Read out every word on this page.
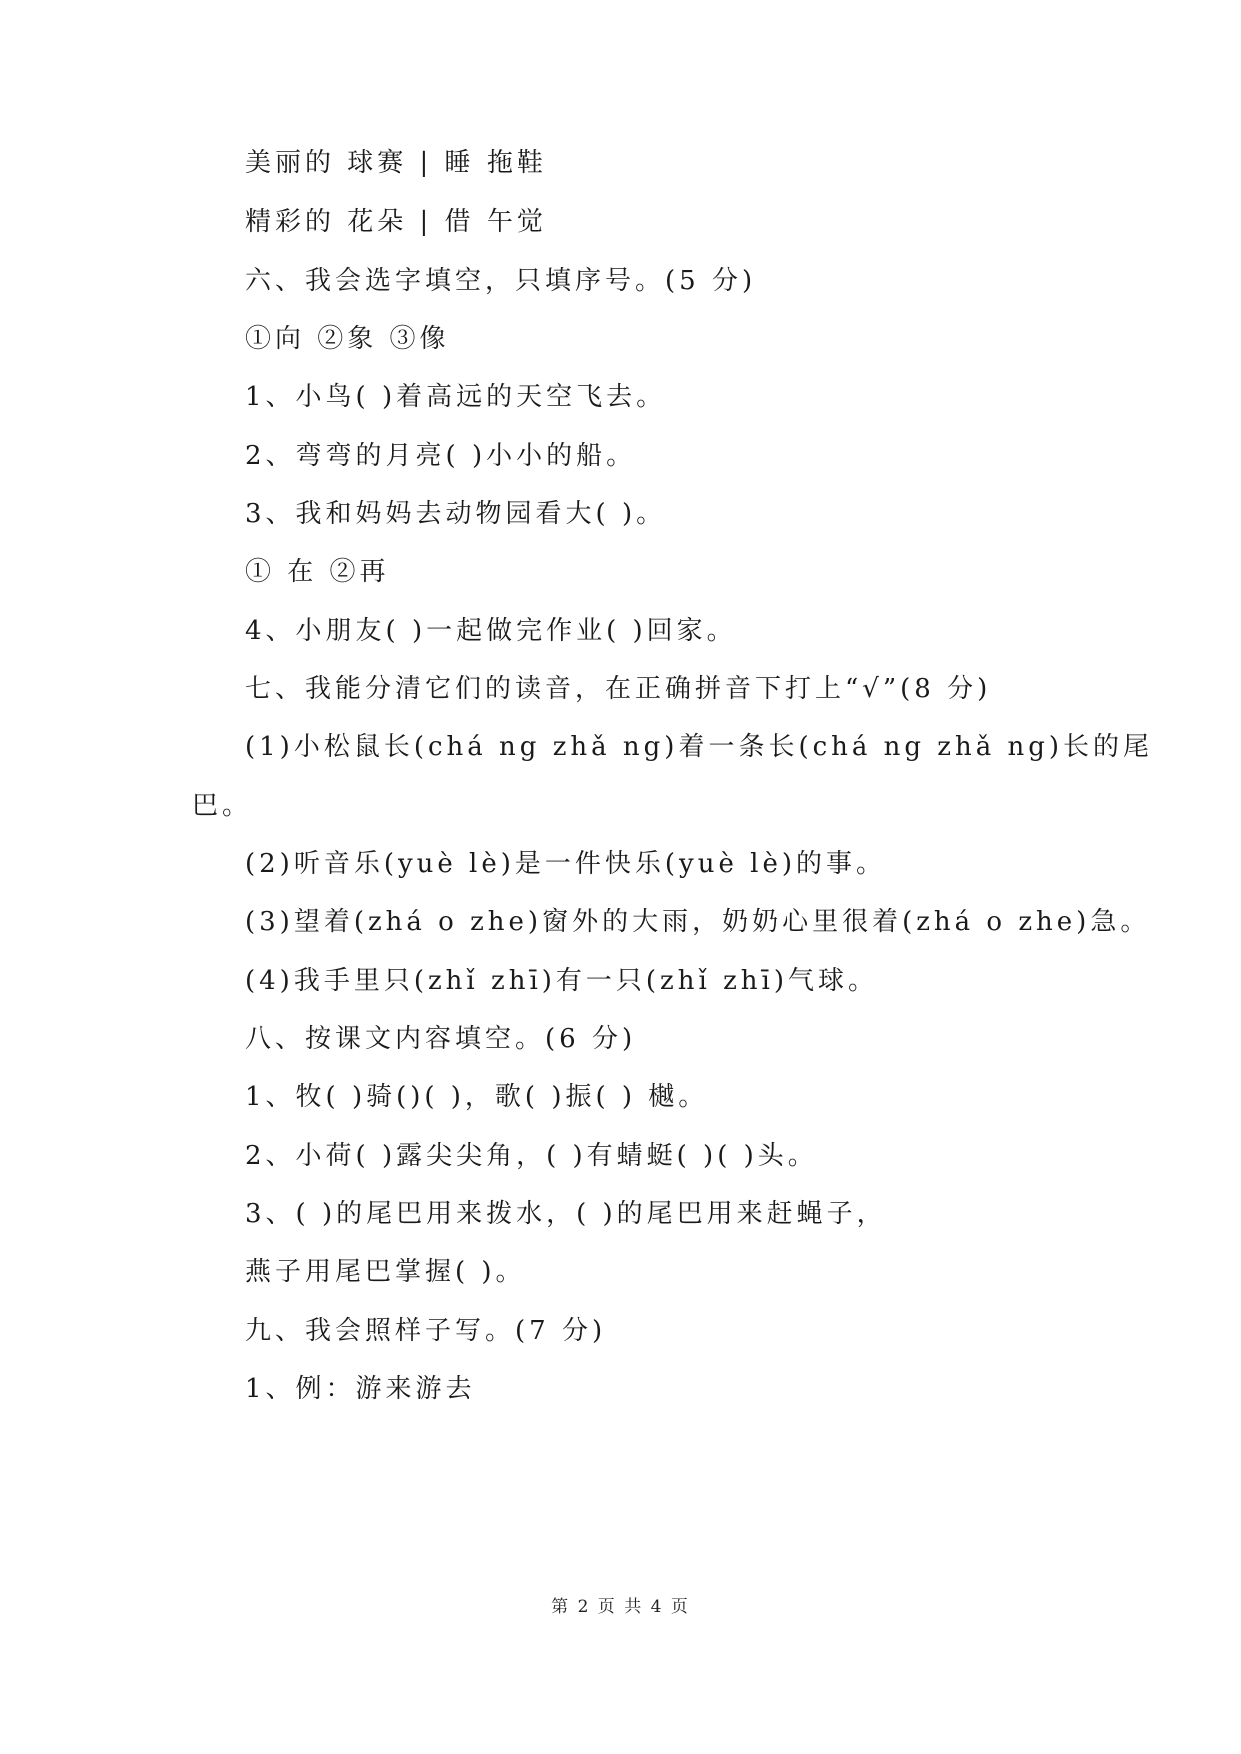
美丽的 球赛 | 睡 拖鞋
精彩的 花朵 | 借 午觉
六、我会选字填空，只填序号。(5 分)
①向 ②象 ③像
1、小鸟( )着高远的天空飞去。
2、弯弯的月亮( )小小的船。
3、我和妈妈去动物园看大( )。
① 在 ②再
4、小朋友( )一起做完作业( )回家。
七、我能分清它们的读音，在正确拼音下打上“√”(8 分)
(1)小松鼠长(chá ng zhǎ ng)着一条长(chá ng zhǎ ng)长的尾
巴。
(2)听音乐(yuè lè)是一件快乐(yuè lè)的事。
(3)望着(zhá o zhe)窗外的大雨，奶奶心里很着(zhá o zhe)急。
(4)我手里只(zhǐ zhī)有一只(zhǐ zhī)气球。
八、按课文内容填空。(6 分)
1、牧( )骑()( )，歌( )振( ) 樾。
2、小荷( )露尖尖角，( )有蜻蜓( )( )头。
3、( )的尾巴用来拨水，( )的尾巴用来赶蝇子，
燕子用尾巴掌握( )。
九、我会照样子写。(7 分)
1、例：游来游去
第 2 页 共 4 页
